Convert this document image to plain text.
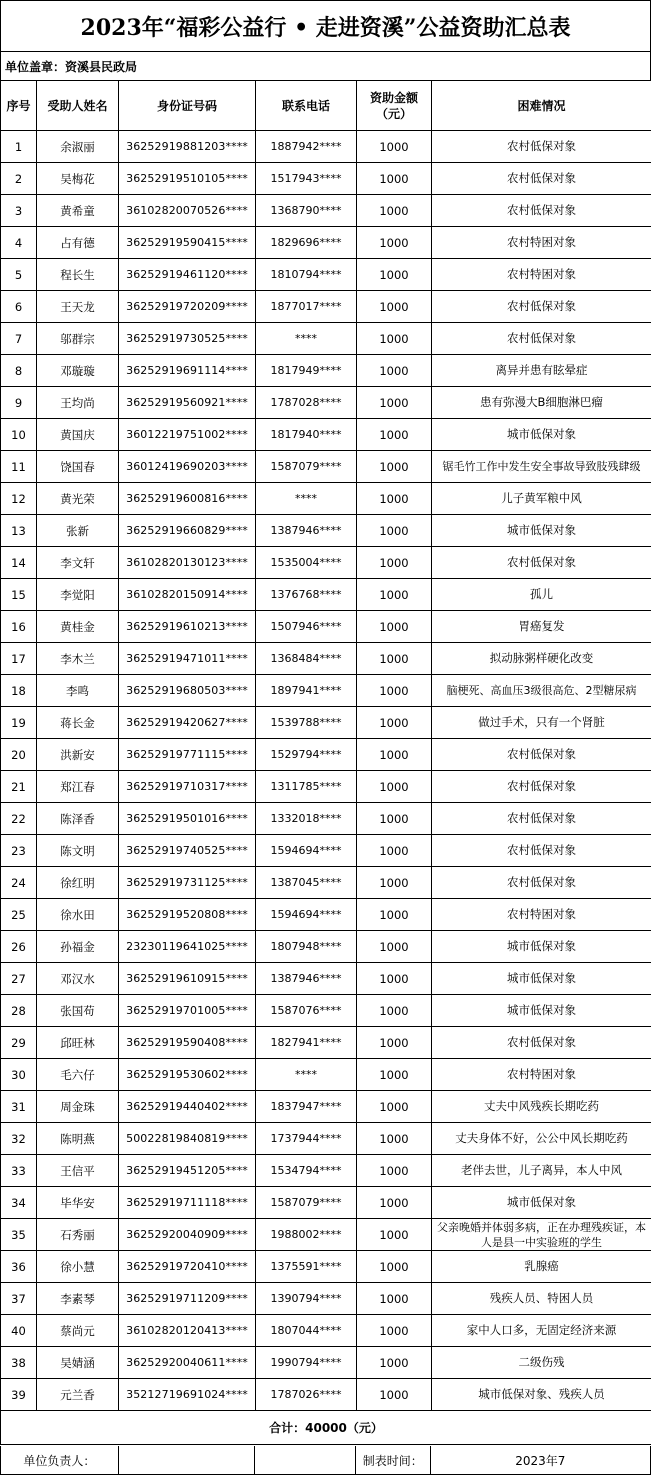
2023年“福彩公益行 • 走进资溪”公益资助汇总表
单位盖章：资溪县民政局
序号	受助人姓名	身份证号码	联系电话	资助金额（元）	困难情况
1	余淑丽	36252919881203****	1887942****	1000	农村低保对象
2	吴梅花	36252919510105****	1517943****	1000	农村低保对象
3	黄希童	36102820070526****	1368790****	1000	农村低保对象
4	占有德	36252919590415****	1829696****	1000	农村特困对象
5	程长生	36252919461120****	1810794****	1000	农村特困对象
6	王天龙	36252919720209****	1877017****	1000	农村低保对象
7	邬群宗	36252919730525****	****	1000	农村低保对象
8	邓璇璇	36252919691114****	1817949****	1000	离异并患有眩晕症
9	王均尚	36252919560921****	1787028****	1000	患有弥漫大B细胞淋巴瘤
10	黄国庆	36012219751002****	1817940****	1000	城市低保对象
11	饶国春	36012419690203****	1587079****	1000	锯毛竹工作中发生安全事故导致肢残肆级
12	黄光荣	36252919600816****	****	1000	儿子黄军粮中风
13	张新	36252919660829****	1387946****	1000	城市低保对象
14	李文轩	36102820130123****	1535004****	1000	农村低保对象
15	李觉阳	36102820150914****	1376768****	1000	孤儿
16	黄桂金	36252919610213****	1507946****	1000	胃癌复发
17	李木兰	36252919471011****	1368484****	1000	拟动脉粥样硬化改变
18	李鸣	36252919680503****	1897941****	1000	脑梗死、高血压3级很高危、2型糖尿病
19	蒋长金	36252919420627****	1539788****	1000	做过手术，只有一个肾脏
20	洪新安	36252919771115****	1529794****	1000	农村低保对象
21	郑江春	36252919710317****	1311785****	1000	农村低保对象
22	陈泽香	36252919501016****	1332018****	1000	农村低保对象
23	陈文明	36252919740525****	1594694****	1000	农村低保对象
24	徐红明	36252919731125****	1387045****	1000	农村低保对象
25	徐水田	36252919520808****	1594694****	1000	农村特困对象
26	孙福金	23230119641025****	1807948****	1000	城市低保对象
27	邓汉水	36252919610915****	1387946****	1000	城市低保对象
28	张国苟	36252919701005****	1587076****	1000	城市低保对象
29	邱旺林	36252919590408****	1827941****	1000	农村低保对象
30	毛六仔	36252919530602****	****	1000	农村特困对象
31	周金珠	36252919440402****	1837947****	1000	丈夫中风残疾长期吃药
32	陈明燕	50022819840819****	1737944****	1000	丈夫身体不好，公公中风长期吃药
33	王信平	36252919451205****	1534794****	1000	老伴去世，儿子离异，本人中风
34	毕华安	36252919711118****	1587079****	1000	城市低保对象
35	石秀丽	36252920040909****	1988002****	1000	父亲晚婚并体弱多病，正在办理残疾证，本人是县一中实验班的学生
36	徐小慧	36252919720410****	1375591****	1000	乳腺癌
37	李素琴	36252919711209****	1390794****	1000	残疾人员、特困人员
40	蔡尚元	36102820120413****	1807044****	1000	家中人口多，无固定经济来源
38	吴婧涵	36252920040611****	1990794****	1000	二级伤残
39	元兰香	35212719691024****	1787026****	1000	城市低保对象、残疾人员
合计：40000（元）					
单位负责人：	制表时间：	2023年7
